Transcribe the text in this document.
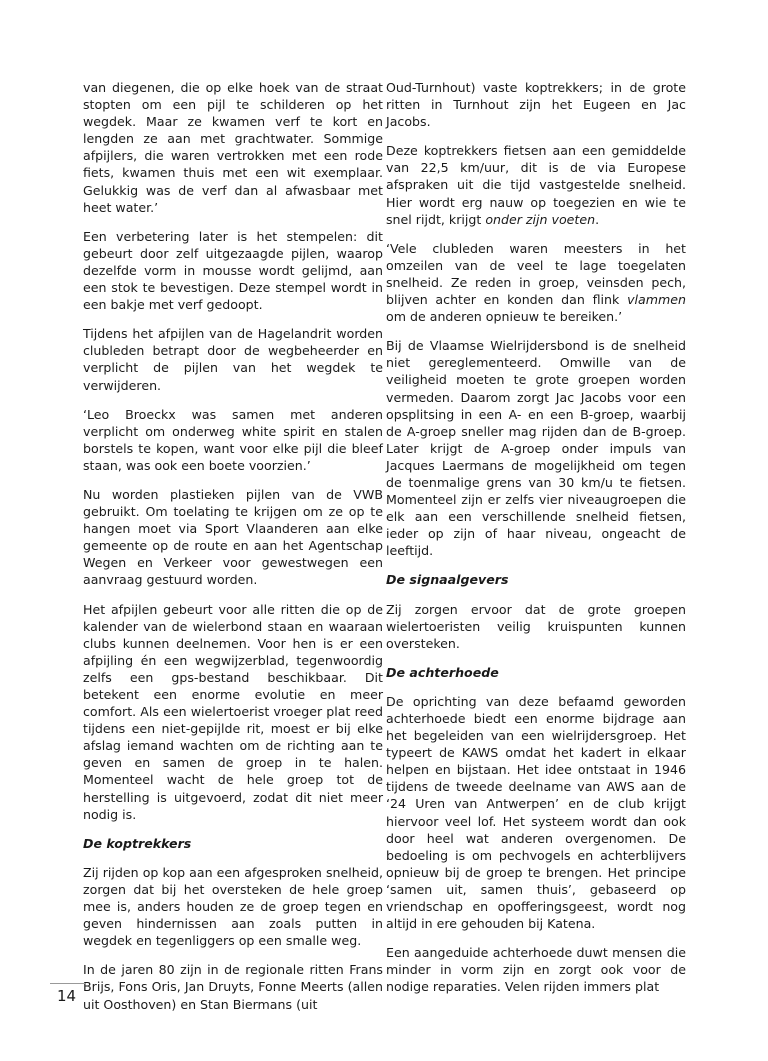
van diegenen, die op elke hoek van de straat stopten om een pijl te schilderen op het wegdek. Maar ze kwamen verf te kort en lengden ze aan met grachtwater. Sommige afpijlers, die waren vertrokken met een rode fiets, kwamen thuis met een wit exemplaar. Gelukkig was de verf dan al afwasbaar met heet water.’

Een verbetering later is het stempelen: dit gebeurt door zelf uitgezaagde pijlen, waarop dezelfde vorm in mousse wordt gelijmd, aan een stok te bevestigen. Deze stempel wordt in een bakje met verf gedoopt.

Tijdens het afpijlen van de Hagelandrit worden clubleden betrapt door de wegbeheerder en verplicht de pijlen van het wegdek te verwijderen.

‘Leo Broeckx was samen met anderen verplicht om onderweg white spirit en stalen borstels te kopen, want voor elke pijl die bleef staan, was ook een boete voorzien.’

Nu worden plastieken pijlen van de VWB gebruikt. Om toelating te krijgen om ze op te hangen moet via Sport Vlaanderen aan elke gemeente op de route en aan het Agentschap Wegen en Verkeer voor gewestwegen een aanvraag gestuurd worden.

Het afpijlen gebeurt voor alle ritten die op de kalender van de wielerbond staan en waaraan clubs kunnen deelnemen. Voor hen is er een afpijling én een wegwijzerblad, tegenwoordig zelfs een gps-bestand beschikbaar. Dit betekent een enorme evolutie en meer comfort. Als een wielertoerist vroeger plat reed tijdens een niet-gepijlde rit, moest er bij elke afslag iemand wachten om de richting aan te geven en samen de groep in te halen. Momenteel wacht de hele groep tot de herstelling is uitgevoerd, zodat dit niet meer nodig is.

De koptrekkers

Zij rijden op kop aan een afgesproken snelheid, zorgen dat bij het oversteken de hele groep mee is, anders houden ze de groep tegen en geven hindernissen aan zoals putten in wegdek en tegenliggers op een smalle weg.

In de jaren 80 zijn in de regionale ritten Frans Brijs, Fons Oris, Jan Druyts, Fonne Meerts (allen uit Oosthoven) en Stan Biermans (uit

Oud-Turnhout) vaste koptrekkers; in de grote ritten in Turnhout zijn het Eugeen en Jac Jacobs.

Deze koptrekkers fietsen aan een gemiddelde van 22,5 km/uur, dit is de via Europese afspraken uit die tijd vastgestelde snelheid. Hier wordt erg nauw op toegezien en wie te snel rijdt, krijgt onder zijn voeten.

‘Vele clubleden waren meesters in het omzeilen van de veel te lage toegelaten snelheid. Ze reden in groep, veinsden pech, blijven achter en konden dan flink vlammen om de anderen opnieuw te bereiken.’

Bij de Vlaamse Wielrijdersbond is de snelheid niet gereglementeerd. Omwille van de veiligheid moeten te grote groepen worden vermeden. Daarom zorgt Jac Jacobs voor een opsplitsing in een A- en een B-groep, waarbij de A-groep sneller mag rijden dan de B-groep. Later krijgt de A-groep onder impuls van Jacques Laermans de mogelijkheid om tegen de toenmalige grens van 30 km/u te fietsen. Momenteel zijn er zelfs vier niveaugroepen die elk aan een verschillende snelheid fietsen, ieder op zijn of haar niveau, ongeacht de leeftijd.

De signaalgevers

Zij zorgen ervoor dat de grote groepen wielertoeristen veilig kruispunten kunnen oversteken.

De achterhoede

De oprichting van deze befaamd geworden achterhoede biedt een enorme bijdrage aan het begeleiden van een wielrijdersgroep. Het typeert de KAWS omdat het kadert in elkaar helpen en bijstaan. Het idee ontstaat in 1946 tijdens de tweede deelname van AWS aan de ‘24 Uren van Antwerpen’ en de club krijgt hiervoor veel lof. Het systeem wordt dan ook door heel wat anderen overgenomen. De bedoeling is om pechvogels en achterblijvers opnieuw bij de groep te brengen. Het principe ‘samen uit, samen thuis’, gebaseerd op vriendschap en opofferingsgeest, wordt nog altijd in ere gehouden bij Katena.

Een aangeduide achterhoede duwt mensen die minder in vorm zijn en zorgt ook voor de nodige reparaties. Velen rijden immers plat

14
